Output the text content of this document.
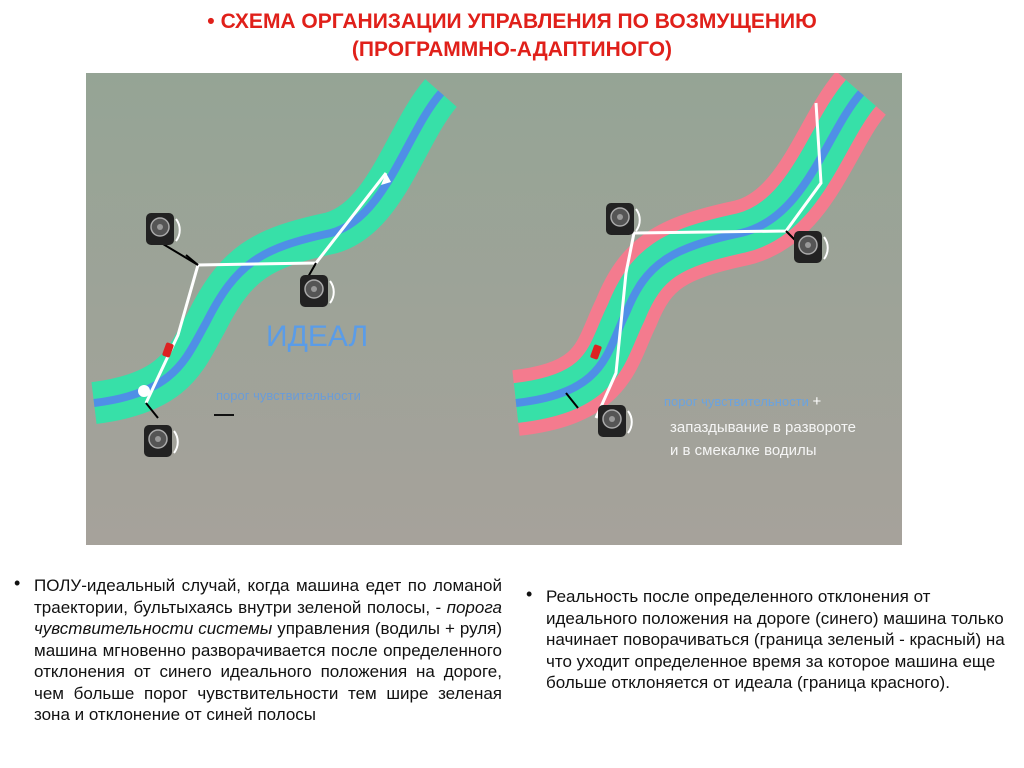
• СХЕМА ОРГАНИЗАЦИИ УПРАВЛЕНИЯ ПО ВОЗМУЩЕНИЮ
(ПРОГРАММНО-АДАПТИНОГО)
ИДЕАЛ
порог чувствительности	порог чувствительности +
запаздывание в развороте
и в смекалке водилы
• ПОЛУ-идеальный случай, когда машина едет по ломаной траектории, бультыхаясь внутри зеленой полосы, - порога чувствительности системы управления (водилы + руля) машина мгновенно разворачивается после определенного отклонения от синего идеального положения на дороге, чем больше порог чувствительности тем шире зеленая зона и отклонение от синей полосы
• Реальность после определенного отклонения от идеального положения на дороге (синего) машина только начинает поворачиваться (граница зеленый - красный) на что уходит определенное время за которое машина еще больше отклоняется от идеала (граница красного).
